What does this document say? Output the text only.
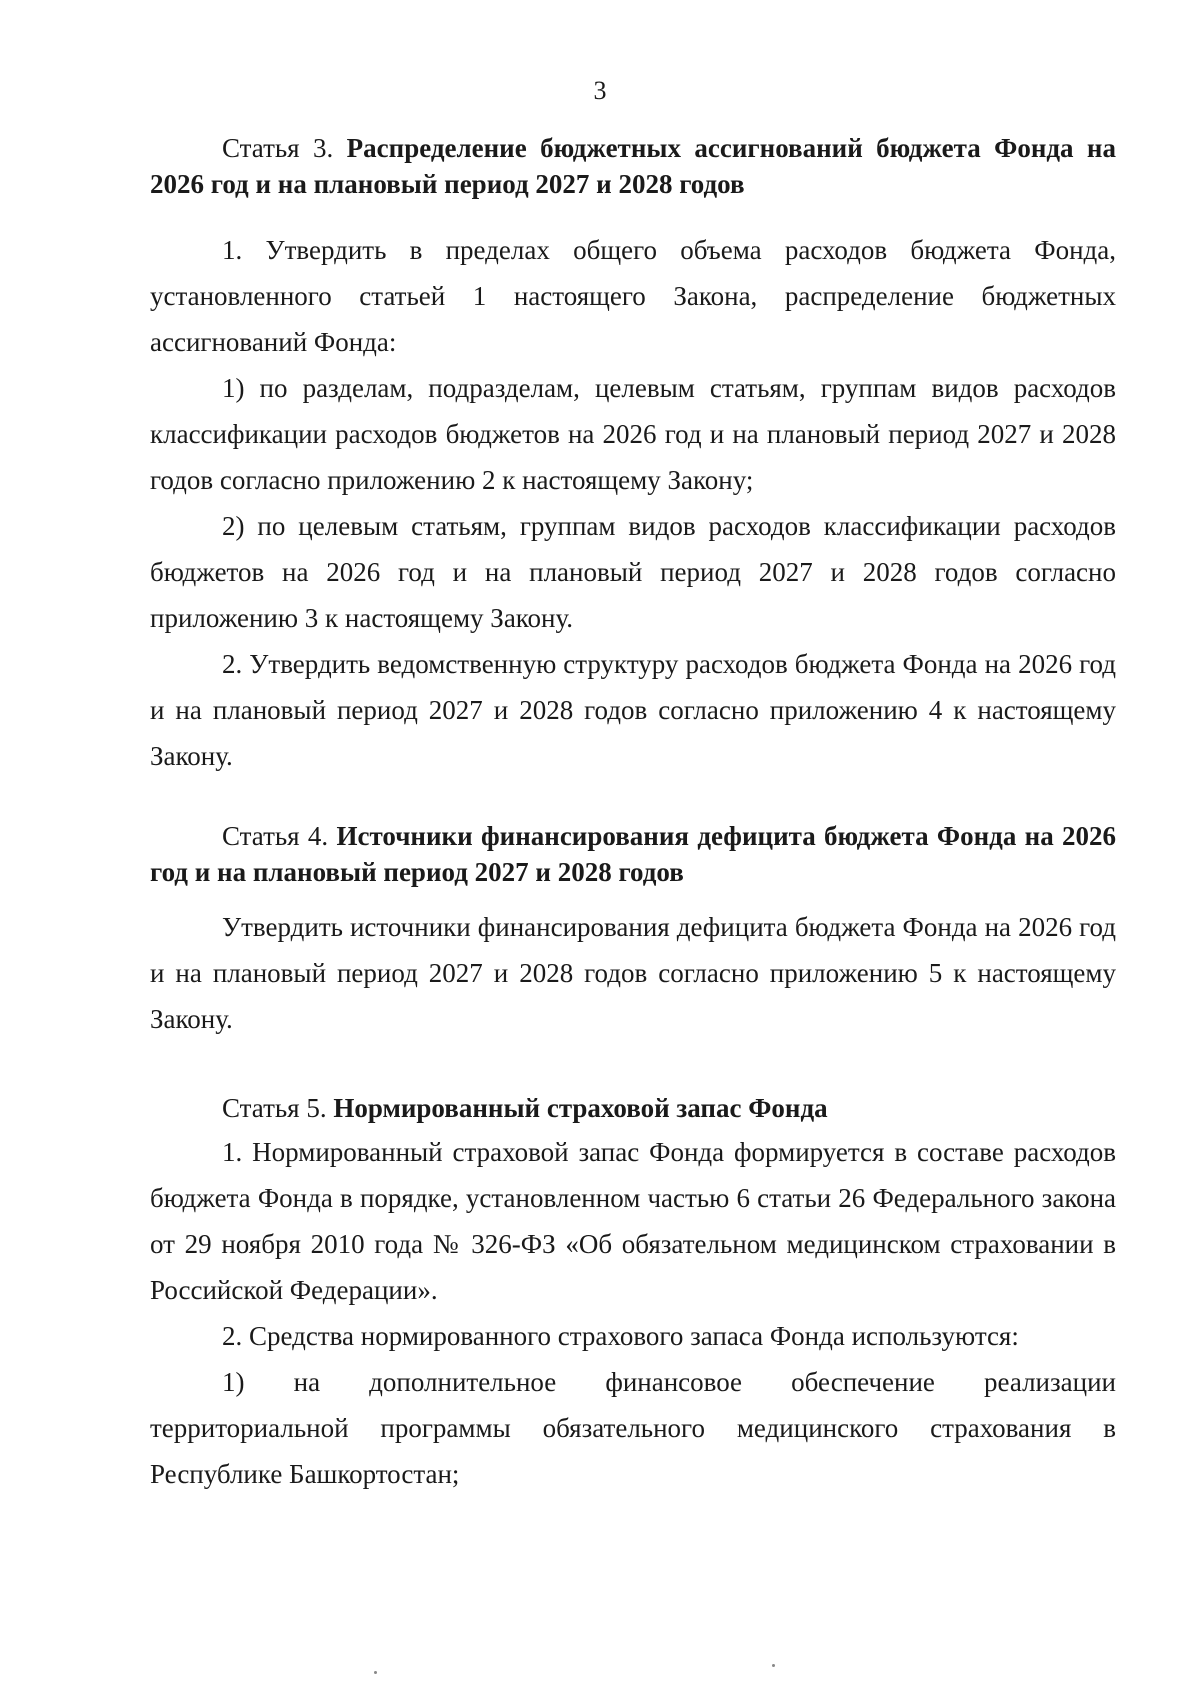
3

Статья 3. Распределение бюджетных ассигнований бюджета Фонда на 2026 год и на плановый период 2027 и 2028 годов

1. Утвердить в пределах общего объема расходов бюджета Фонда, установленного статьей 1 настоящего Закона, распределение бюджетных ассигнований Фонда:

1) по разделам, подразделам, целевым статьям, группам видов расходов классификации расходов бюджетов на 2026 год и на плановый период 2027 и 2028 годов согласно приложению 2 к настоящему Закону;

2) по целевым статьям, группам видов расходов классификации расходов бюджетов на 2026 год и на плановый период 2027 и 2028 годов согласно приложению 3 к настоящему Закону.

2. Утвердить ведомственную структуру расходов бюджета Фонда на 2026 год и на плановый период 2027 и 2028 годов согласно приложению 4 к настоящему Закону.

Статья 4. Источники финансирования дефицита бюджета Фонда на 2026 год и на плановый период 2027 и 2028 годов

Утвердить источники финансирования дефицита бюджета Фонда на 2026 год и на плановый период 2027 и 2028 годов согласно приложению 5 к настоящему Закону.

Статья 5. Нормированный страховой запас Фонда

1. Нормированный страховой запас Фонда формируется в составе расходов бюджета Фонда в порядке, установленном частью 6 статьи 26 Федерального закона от 29 ноября 2010 года № 326-ФЗ «Об обязательном медицинском страховании в Российской Федерации».

2. Средства нормированного страхового запаса Фонда используются:

1) на дополнительное финансовое обеспечение реализации

территориальной программы обязательного медицинского страхования в Республике Башкортостан;
